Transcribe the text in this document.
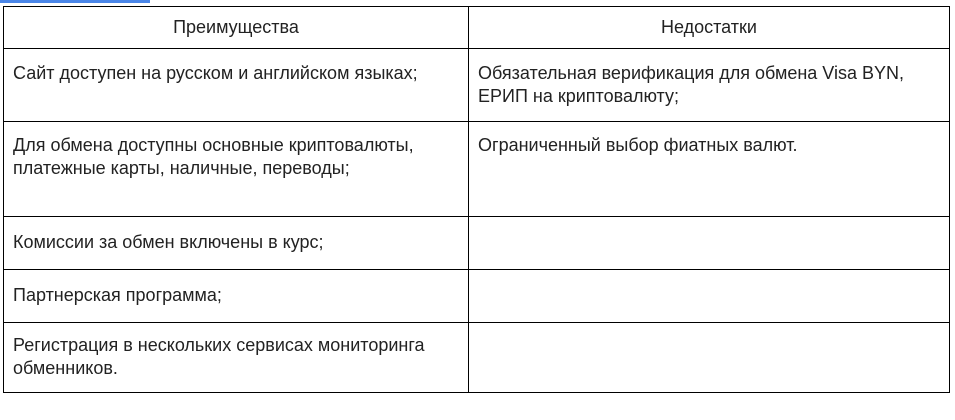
Преимущества	Недостатки
Сайт доступен на русском и английском языках;	Обязательная верификация для обмена Visa BYN, ЕРИП на криптовалюту;
Для обмена доступны основные криптовалюты, платежные карты, наличные, переводы;	Ограниченный выбор фиатных валют.
Комиссии за обмен включены в курс;	
Партнерская программа;	
Регистрация в нескольких сервисах мониторинга обменников.	
